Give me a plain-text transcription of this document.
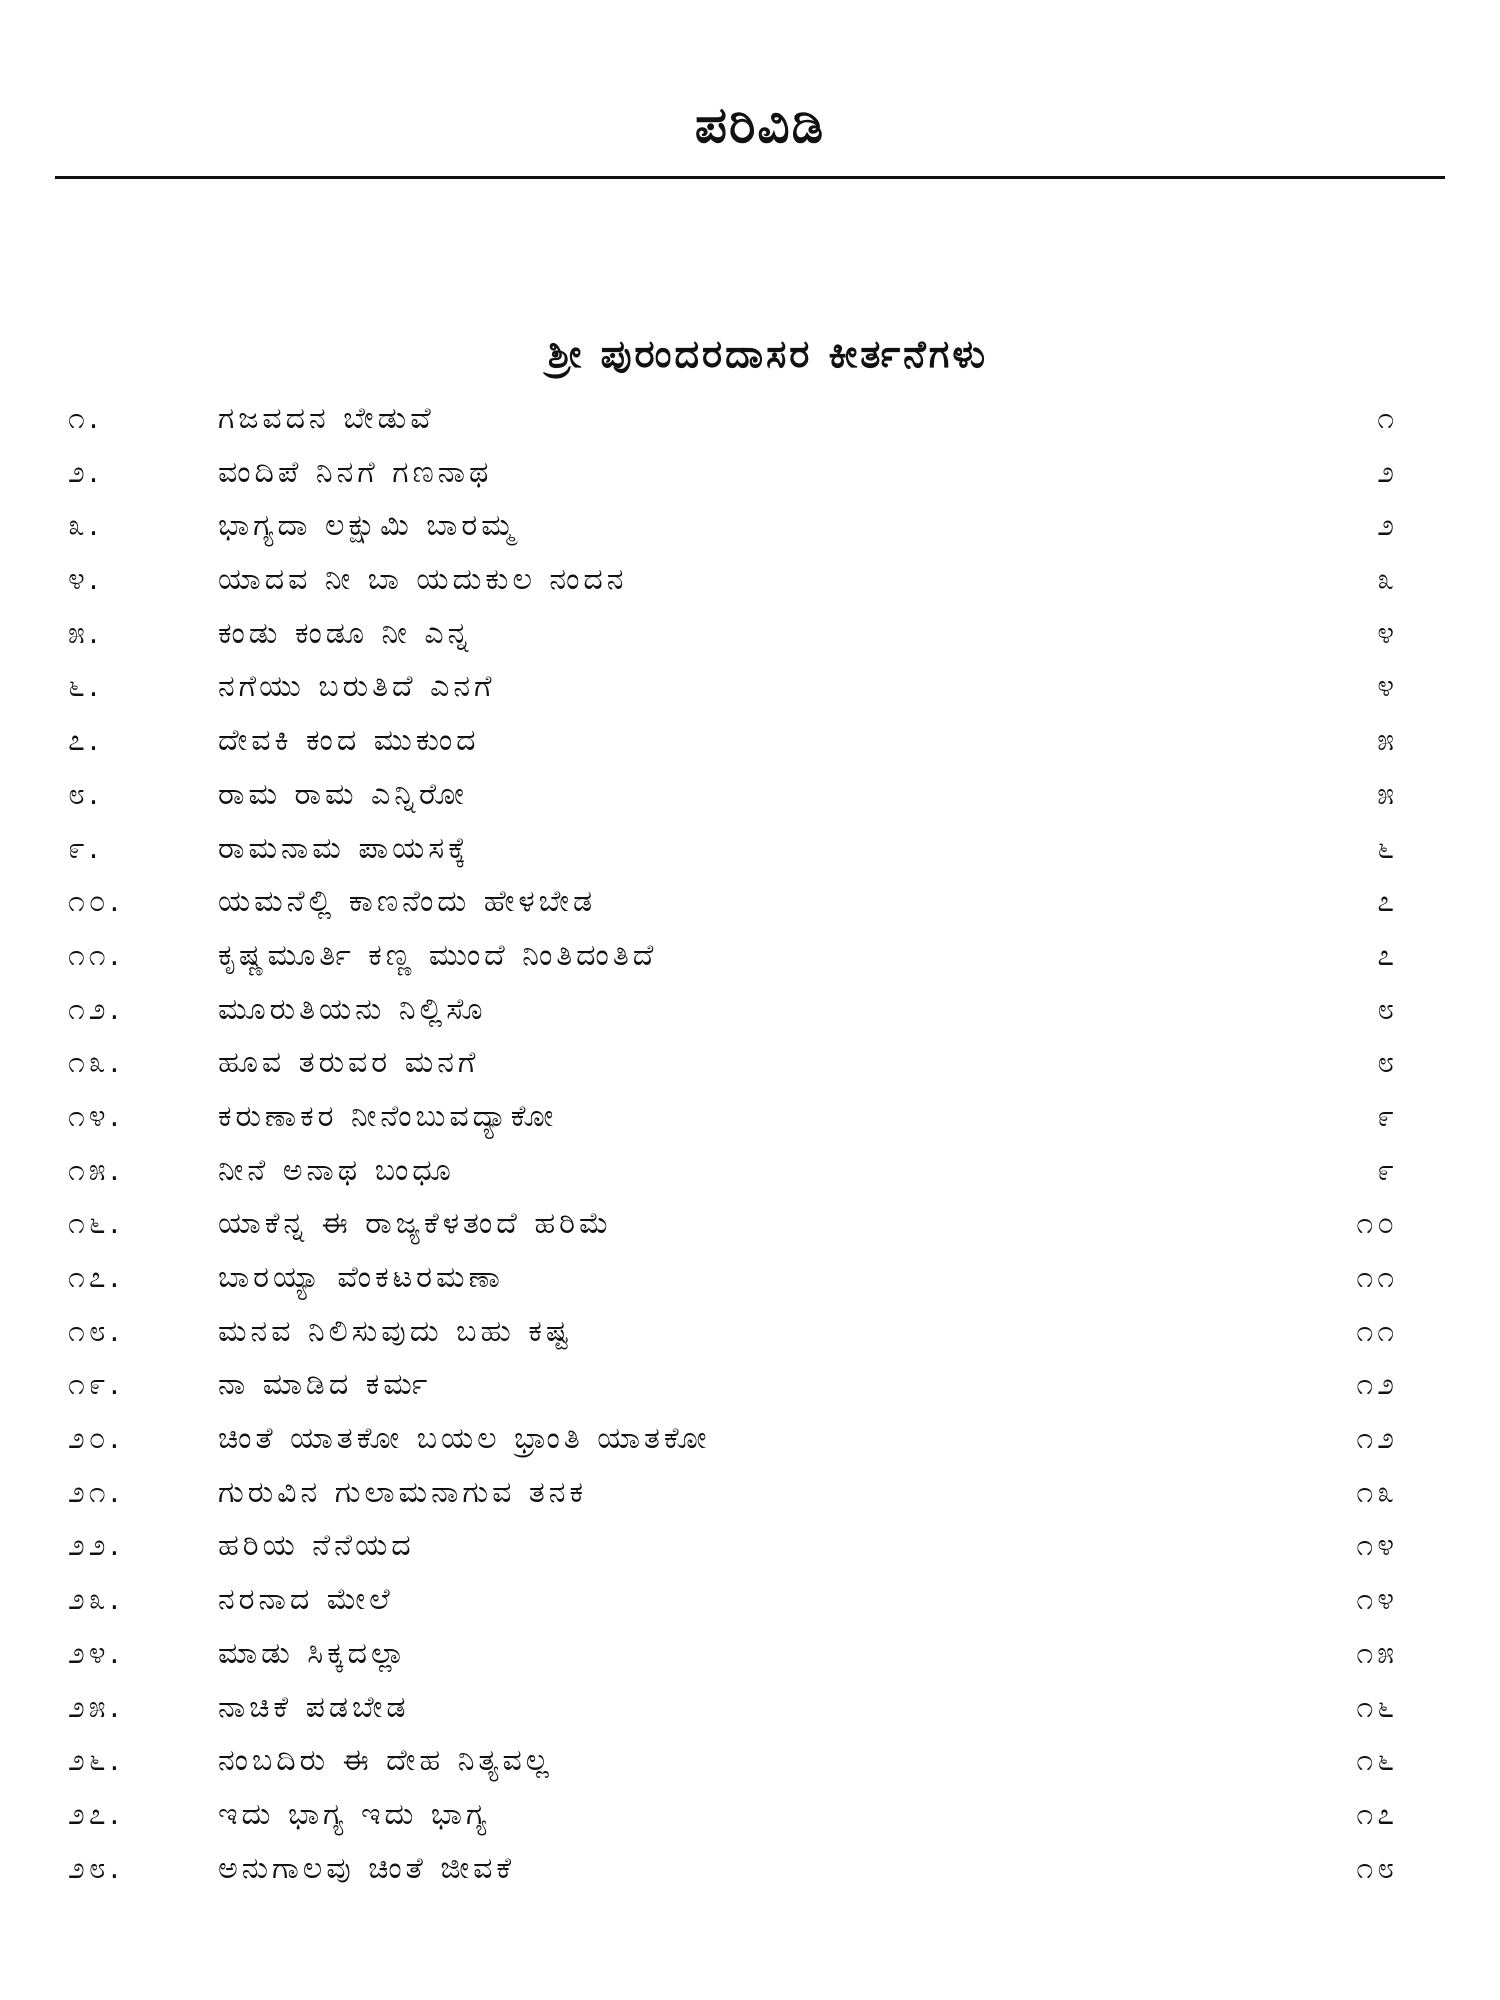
ಪರಿವಿಡಿ
ಶ್ರೀ ಪುರಂದರದಾಸರ ಕೀರ್ತನೆಗಳು
೧.	ಗಜವದನ ಬೇಡುವೆ	೧
೨.	ವಂದಿಪೆ ನಿನಗೆ ಗಣನಾಥ	೨
೩.	ಭಾಗ್ಯದಾ ಲಕ್ಷುಮಿ ಬಾರಮ್ಮ	೨
೪.	ಯಾದವ ನೀ ಬಾ ಯದುಕುಲ ನಂದನ	೩
೫.	ಕಂಡು ಕಂಡೂ ನೀ ಎನ್ನ	೪
೬.	ನಗೆಯು ಬರುತಿದೆ ಎನಗೆ	೪
೭.	ದೇವಕಿ ಕಂದ ಮುಕುಂದ	೫
೮.	ರಾಮ ರಾಮ ಎನ್ನಿರೋ	೫
೯.	ರಾಮನಾಮ ಪಾಯಸಕ್ಕೆ	೬
೧೦.	ಯಮನೆಲ್ಲಿ ಕಾಣನೆಂದು ಹೇಳಬೇಡ	೭
೧೧.	ಕೃಷ್ಣಮೂರ್ತಿ ಕಣ್ಣ ಮುಂದೆ ನಿಂತಿದಂತಿದೆ	೭
೧೨.	ಮೂರುತಿಯನು ನಿಲ್ಲಿಸೊ	೮
೧೩.	ಹೂವ ತರುವರ ಮನಗೆ	೮
೧೪.	ಕರುಣಾಕರ ನೀನೆಂಬುವದ್ಯಾಕೋ	೯
೧೫.	ನೀನೆ ಅನಾಥ ಬಂಧೂ	೯
೧೬.	ಯಾಕೆನ್ನ ಈ ರಾಜ್ಯಕೆಳತಂದೆ ಹರಿಮೆ	೧೦
೧೭.	ಬಾರಯ್ಯಾ ವೆಂಕಟರಮಣಾ	೧೧
೧೮.	ಮನವ ನಿಲಿಸುವುದು ಬಹು ಕಷ್ಟ	೧೧
೧೯.	ನಾ ಮಾಡಿದ ಕರ್ಮ	೧೨
೨೦.	ಚಿಂತೆ ಯಾತಕೋ ಬಯಲ ಭ್ರಾಂತಿ ಯಾತಕೋ	೧೨
೨೧.	ಗುರುವಿನ ಗುಲಾಮನಾಗುವ ತನಕ	೧೩
೨೨.	ಹರಿಯ ನೆನೆಯದ	೧೪
೨೩.	ನರನಾದ ಮೇಲೆ	೧೪
೨೪.	ಮಾಡು ಸಿಕ್ಕದಲ್ಲಾ	೧೫
೨೫.	ನಾಚಿಕೆ ಪಡಬೇಡ	೧೬
೨೬.	ನಂಬದಿರು ಈ ದೇಹ ನಿತ್ಯವಲ್ಲ	೧೬
೨೭.	ಇದು ಭಾಗ್ಯ ಇದು ಭಾಗ್ಯ	೧೭
೨೮.	ಅನುಗಾಲವು ಚಿಂತೆ ಜೀವಕೆ	೧೮
